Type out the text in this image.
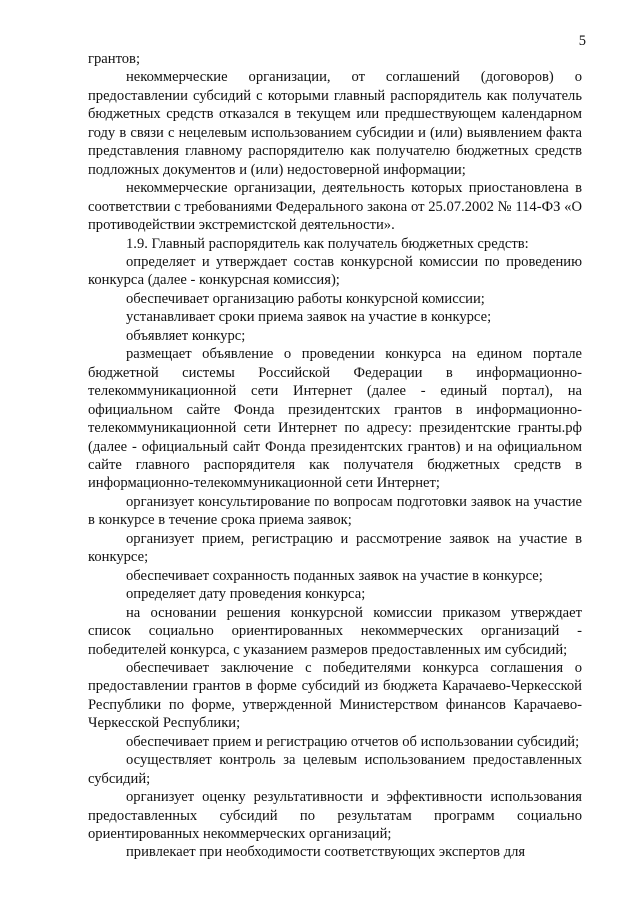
5

грантов;

некоммерческие организации, от соглашений (договоров) о предоставлении субсидий с которыми главный распорядитель как получатель бюджетных средств отказался в текущем или предшествующем календарном году в связи с нецелевым использованием субсидии и (или) выявлением факта представления главному распорядителю как получателю бюджетных средств подложных документов и (или) недостоверной информации;

некоммерческие организации, деятельность которых приостановлена в соответствии с требованиями Федерального закона от 25.07.2002 № 114-ФЗ «О противодействии экстремистской деятельности».

1.9. Главный распорядитель как получатель бюджетных средств:

определяет и утверждает состав конкурсной комиссии по проведению конкурса (далее - конкурсная комиссия);

обеспечивает организацию работы конкурсной комиссии;

устанавливает сроки приема заявок на участие в конкурсе;

объявляет конкурс;

размещает объявление о проведении конкурса на едином портале бюджетной системы Российской Федерации в информационно-телекоммуникационной сети Интернет (далее - единый портал), на официальном сайте Фонда президентских грантов в информационно-телекоммуникационной сети Интернет по адресу: президентские гранты.рф (далее - официальный сайт Фонда президентских грантов) и на официальном сайте главного распорядителя как получателя бюджетных средств в информационно-телекоммуникационной сети Интернет;

организует консультирование по вопросам подготовки заявок на участие в конкурсе в течение срока приема заявок;

организует прием, регистрацию и рассмотрение заявок на участие в конкурсе;

обеспечивает сохранность поданных заявок на участие в конкурсе;

определяет дату проведения конкурса;

на основании решения конкурсной комиссии приказом утверждает список социально ориентированных некоммерческих организаций - победителей конкурса, с указанием размеров предоставленных им субсидий;

обеспечивает заключение с победителями конкурса соглашения о предоставлении грантов в форме субсидий из бюджета Карачаево-Черкесской Республики по форме, утвержденной Министерством финансов Карачаево-Черкесской Республики;

обеспечивает прием и регистрацию отчетов об использовании субсидий;

осуществляет контроль за целевым использованием предоставленных субсидий;

организует оценку результативности и эффективности использования предоставленных субсидий по результатам программ социально ориентированных некоммерческих организаций;

привлекает при необходимости соответствующих экспертов для
